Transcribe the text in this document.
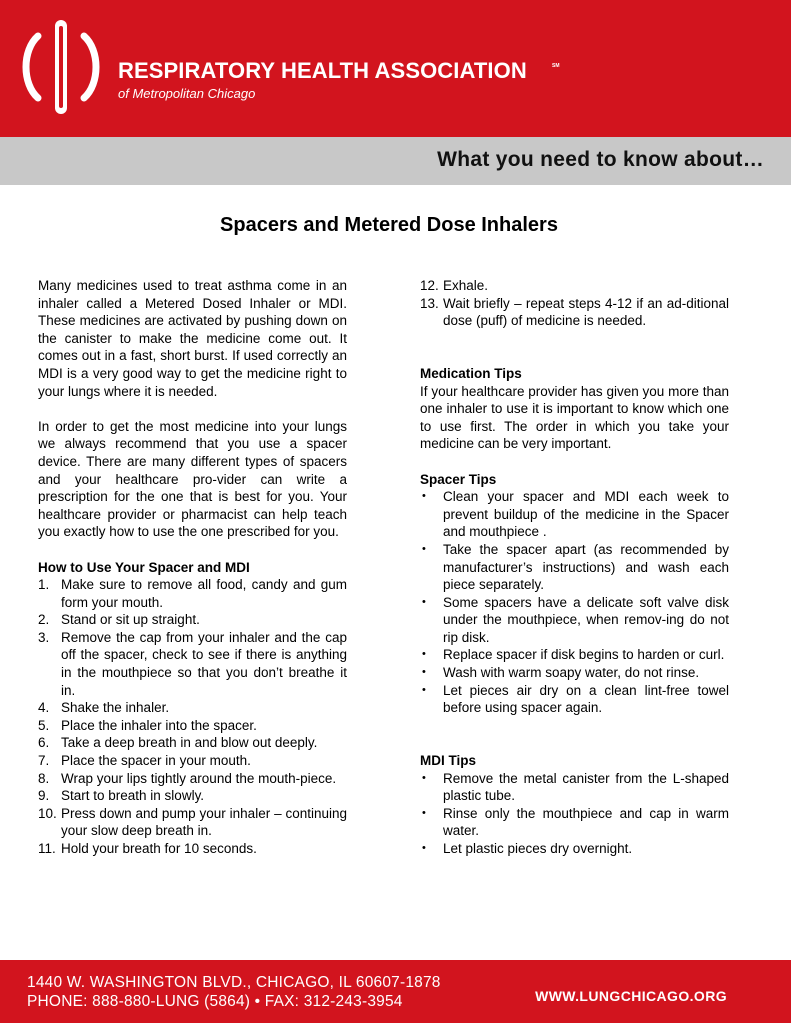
RESPIRATORY HEALTH ASSOCIATION	SM
of Metropolitan Chicago
What you need to know about…
Spacers and Metered Dose Inhalers
Many medicines used to treat asthma come in an inhaler called a Metered Dosed Inhaler or MDI. These medicines are activated by pushing down on the canister to make the medicine come out. It comes out in a fast, short burst. If used correctly an MDI is a very good way to get the medicine right to your lungs where it is needed.
In order to get the most medicine into your lungs we always recommend that you use a spacer device. There are many different types of spacers and your healthcare pro-vider can write a prescription for the one that is best for you. Your healthcare provider or pharmacist can help teach you exactly how to use the one prescribed for you.
How to Use Your Spacer and MDI
1. Make sure to remove all food, candy and gum form your mouth.
2. Stand or sit up straight.
3. Remove the cap from your inhaler and the cap off the spacer, check to see if there is anything in the mouthpiece so that you don’t breathe it in.
4. Shake the inhaler.
5. Place the inhaler into the spacer.
6. Take a deep breath in and blow out deeply.
7. Place the spacer in your mouth.
8. Wrap your lips tightly around the mouth-piece.
9. Start to breath in slowly.
10. Press down and pump your inhaler – continuing your slow deep breath in.
11. Hold your breath for 10 seconds.
12. Exhale.
13. Wait briefly – repeat steps 4-12 if an ad-ditional dose (puff) of medicine is needed.
Medication Tips
If your healthcare provider has given you more than one inhaler to use it is important to know which one to use first. The order in which you take your medicine can be very important.
Spacer Tips
•	Clean your spacer and MDI each week to prevent buildup of the medicine in the Spacer and mouthpiece .
•	Take the spacer apart (as recommended by manufacturer’s instructions) and wash each piece separately.
•	Some spacers have a delicate soft valve disk under the mouthpiece, when remov-ing do not rip disk.
•	Replace spacer if disk begins to harden or curl.
•	Wash with warm soapy water, do not rinse.
•	Let pieces air dry on a clean lint-free towel before using spacer again.
MDI Tips
•	Remove the metal canister from the L-shaped plastic tube.
•	Rinse only the mouthpiece and cap in warm water.
•	Let plastic pieces dry overnight.
1440 W. WASHINGTON BLVD., CHICAGO, IL 60607-1878
PHONE: 888-880-LUNG (5864) • FAX: 312-243-3954	WWW.LUNGCHICAGO.ORG
